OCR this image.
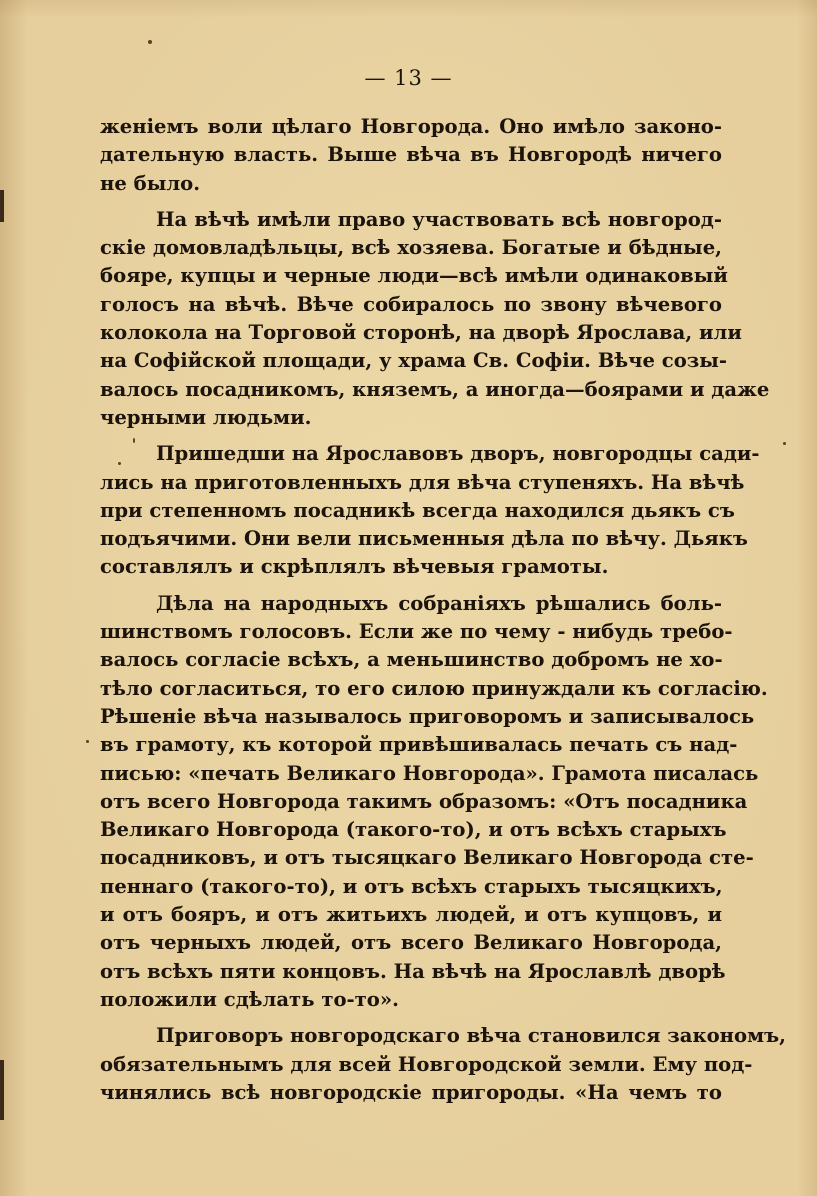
— 13 —
женіемъ воли цѣлаго Новгорода. Оно имѣло законо-
дательную власть. Выше вѣча въ Новгородѣ ничего
не было.
На вѣчѣ имѣли право участвовать всѣ новгород-
скіе домовладѣльцы, всѣ хозяева. Богатые и бѣдные,
бояре, купцы и черные люди—всѣ имѣли одинаковый
голосъ на вѣчѣ. Вѣче собиралось по звону вѣчевого
колокола на Торговой сторонѣ, на дворѣ Ярослава, или
на Софійской площади, у храма Св. Софіи. Вѣче созы-
валось посадникомъ, княземъ, а иногда—боярами и даже
черными людьми.
Пришедши на Ярославовъ дворъ, новгородцы сади-
лись на приготовленныхъ для вѣча ступеняхъ. На вѣчѣ
при степенномъ посадникѣ всегда находился дьякъ съ
подъячими. Они вели письменныя дѣла по вѣчу. Дьякъ
составлялъ и скрѣплялъ вѣчевыя грамоты.
Дѣла на народныхъ собраніяхъ рѣшались боль-
шинствомъ голосовъ. Если же по чему - нибудь требо-
валось согласіе всѣхъ, а меньшинство добромъ не хо-
тѣло согласиться, то его силою принуждали къ согласію.
Рѣшеніе вѣча называлось приговоромъ и записывалось
въ грамоту, къ которой привѣшивалась печать съ над-
писью: «печать Великаго Новгорода». Грамота писалась
отъ всего Новгорода такимъ образомъ: «Отъ посадника
Великаго Новгорода (такого-то), и отъ всѣхъ старыхъ
посадниковъ, и отъ тысяцкаго Великаго Новгорода сте-
пеннаго (такого-то), и отъ всѣхъ старыхъ тысяцкихъ,
и отъ бояръ, и отъ житьихъ людей, и отъ купцовъ, и
отъ черныхъ людей, отъ всего Великаго Новгорода,
отъ всѣхъ пяти концовъ. На вѣчѣ на Ярославлѣ дворѣ
положили сдѣлать то-то».
Приговоръ новгородскаго вѣча становился закономъ,
обязательнымъ для всей Новгородской земли. Ему под-
чинялись всѣ новгородскіе пригороды. «На чемъ то
